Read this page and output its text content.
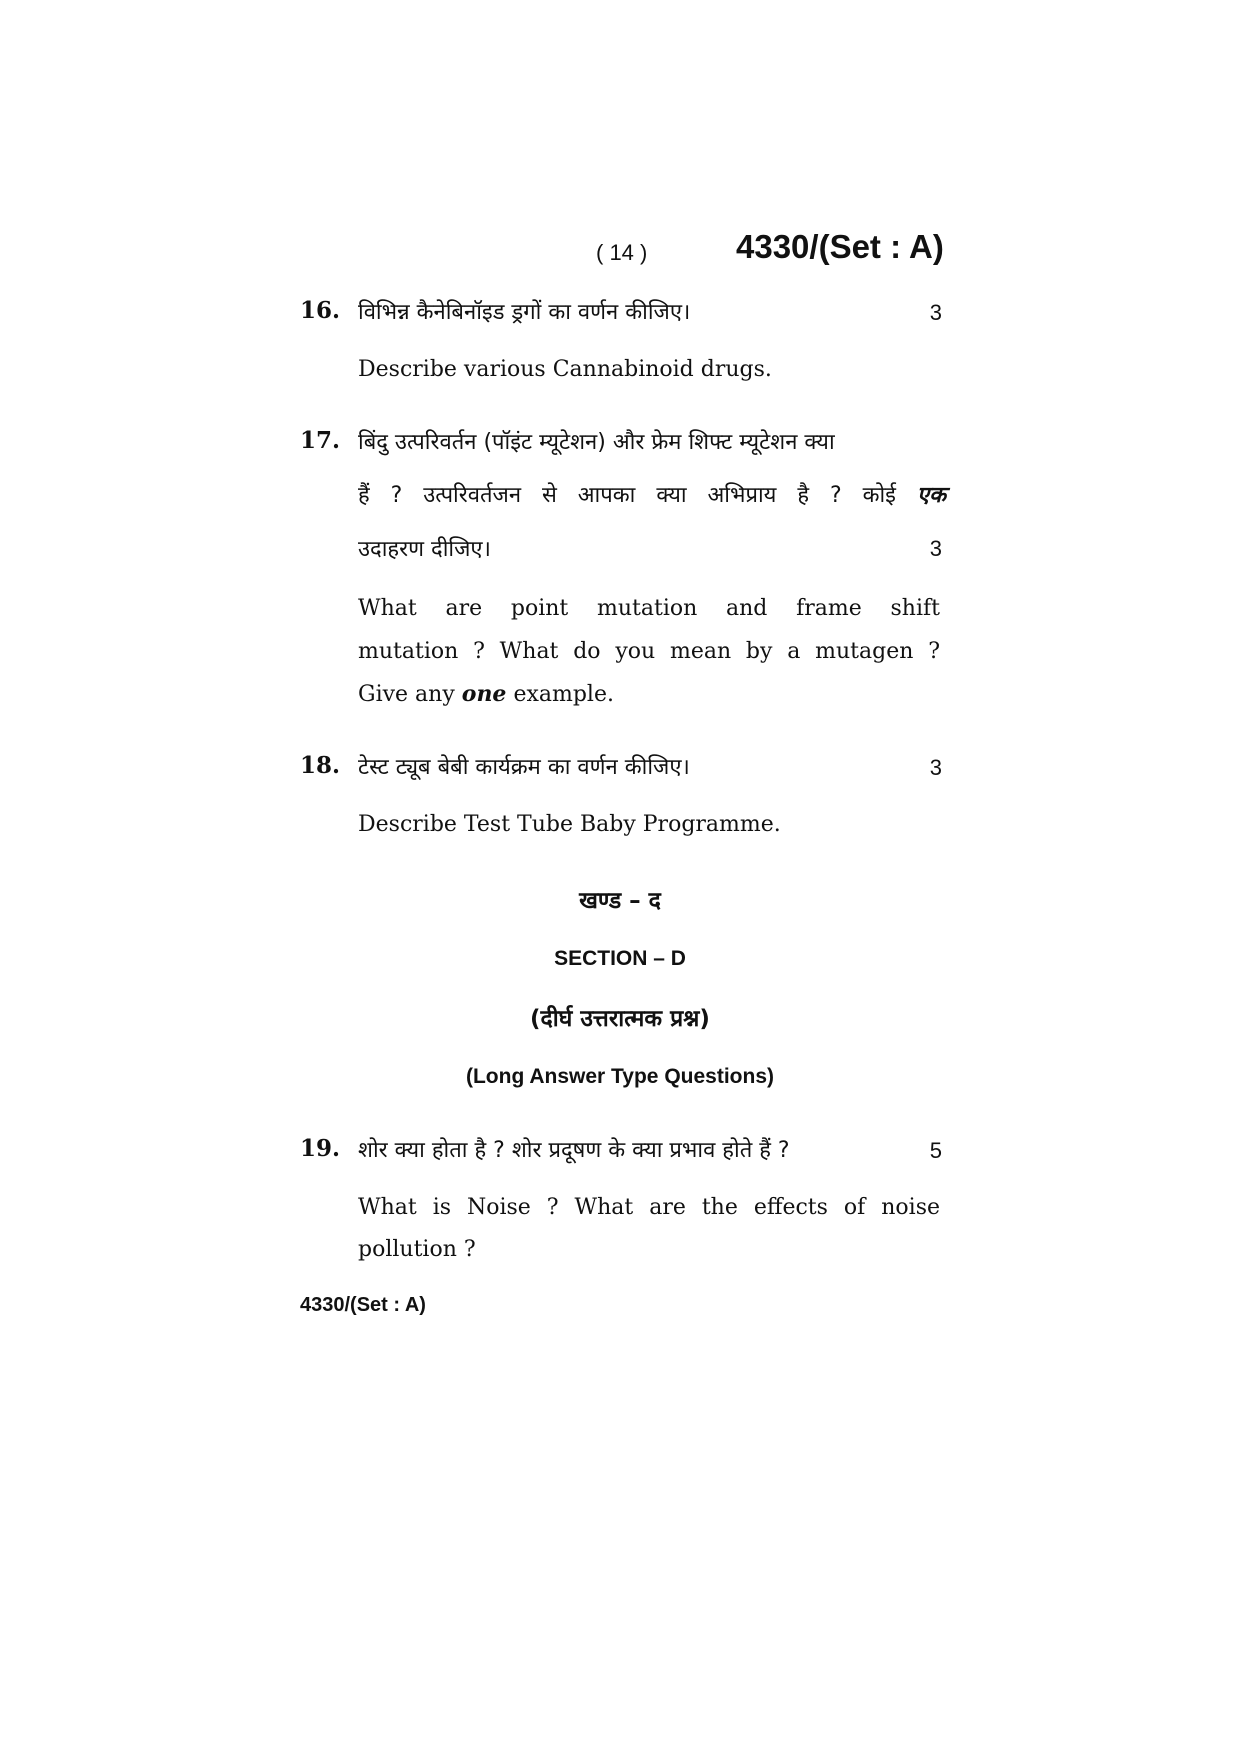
( 14 )	4330/(Set : A)
16. विभिन्न कैनेबिनॉइड ड्रगों का वर्णन कीजिए।	3
Describe various Cannabinoid drugs.
17. बिंदु उत्परिवर्तन (पॉइंट म्यूटेशन) और फ्रेम शिफ्ट म्यूटेशन क्या
हैं ? उत्परिवर्तजन से आपका क्या अभिप्राय है ? कोई एक
उदाहरण दीजिए।	3
What are point mutation and frame shift
mutation ? What do you mean by a mutagen ?
Give any one example.
18. टेस्ट ट्यूब बेबी कार्यक्रम का वर्णन कीजिए।	3
Describe Test Tube Baby Programme.
खण्ड – द
SECTION – D
(दीर्घ उत्तरात्मक प्रश्न)
(Long Answer Type Questions)
19. शोर क्या होता है ? शोर प्रदूषण के क्या प्रभाव होते हैं ?	5
What is Noise ? What are the effects of noise
pollution ?
4330/(Set : A)
